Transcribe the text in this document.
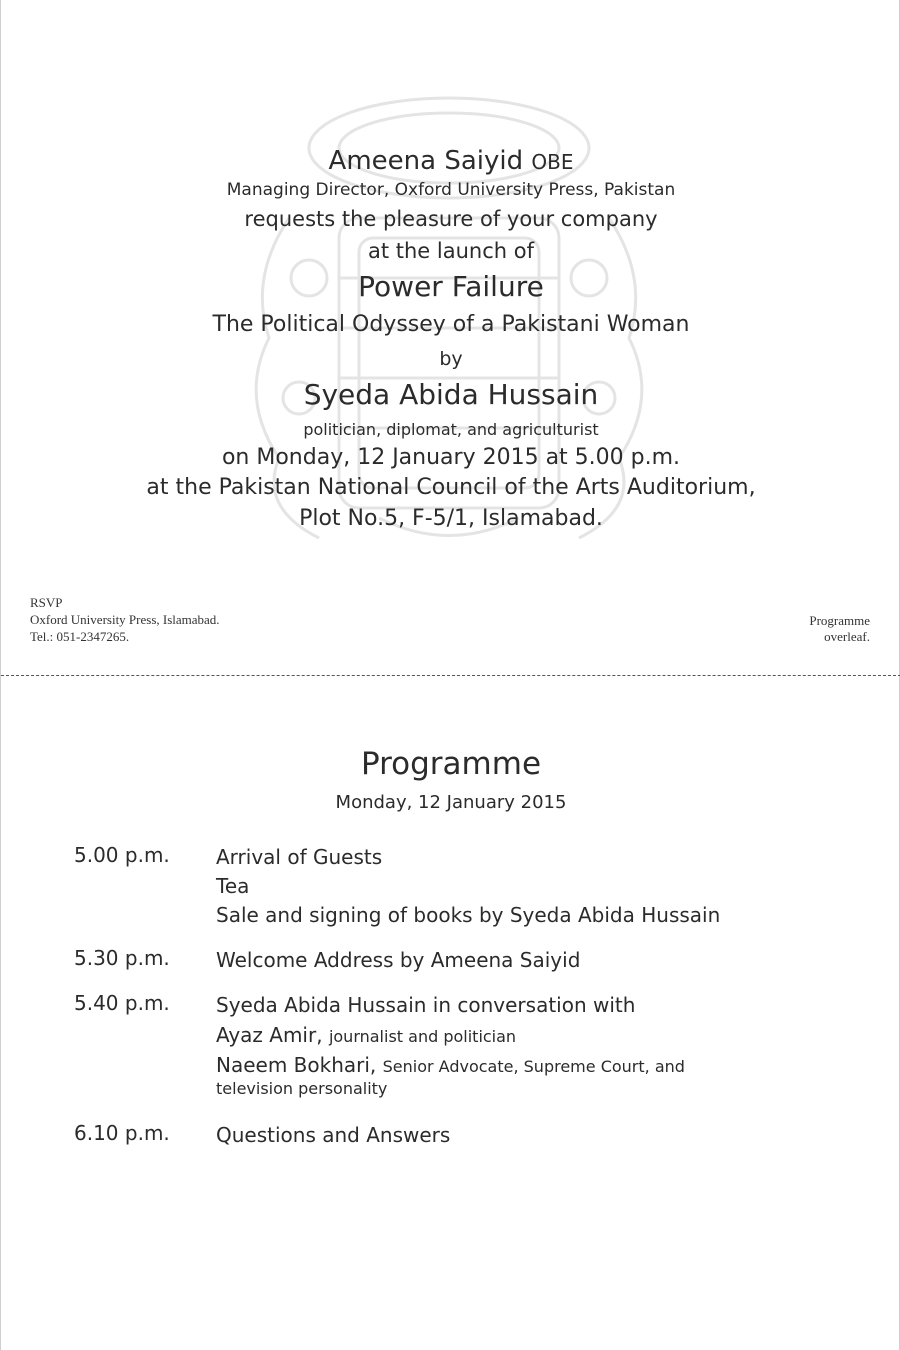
Ameena Saiyid OBE
Managing Director, Oxford University Press, Pakistan
requests the pleasure of your company
at the launch of
Power Failure
The Political Odyssey of a Pakistani Woman
by
Syeda Abida Hussain
politician, diplomat, and agriculturist
on Monday, 12 January 2015 at 5.00 p.m.
at the Pakistan National Council of the Arts Auditorium,
Plot No.5, F-5/1, Islamabad.
RSVP
Oxford University Press, Islamabad.
Tel.: 051-2347265.
Programme
overleaf.
Programme
Monday, 12 January 2015
5.00 p.m. Arrival of Guests
Tea
Sale and signing of books by Syeda Abida Hussain
5.30 p.m. Welcome Address by Ameena Saiyid
5.40 p.m. Syeda Abida Hussain in conversation with
Ayaz Amir, journalist and politician
Naeem Bokhari, Senior Advocate, Supreme Court, and
television personality
6.10 p.m. Questions and Answers
